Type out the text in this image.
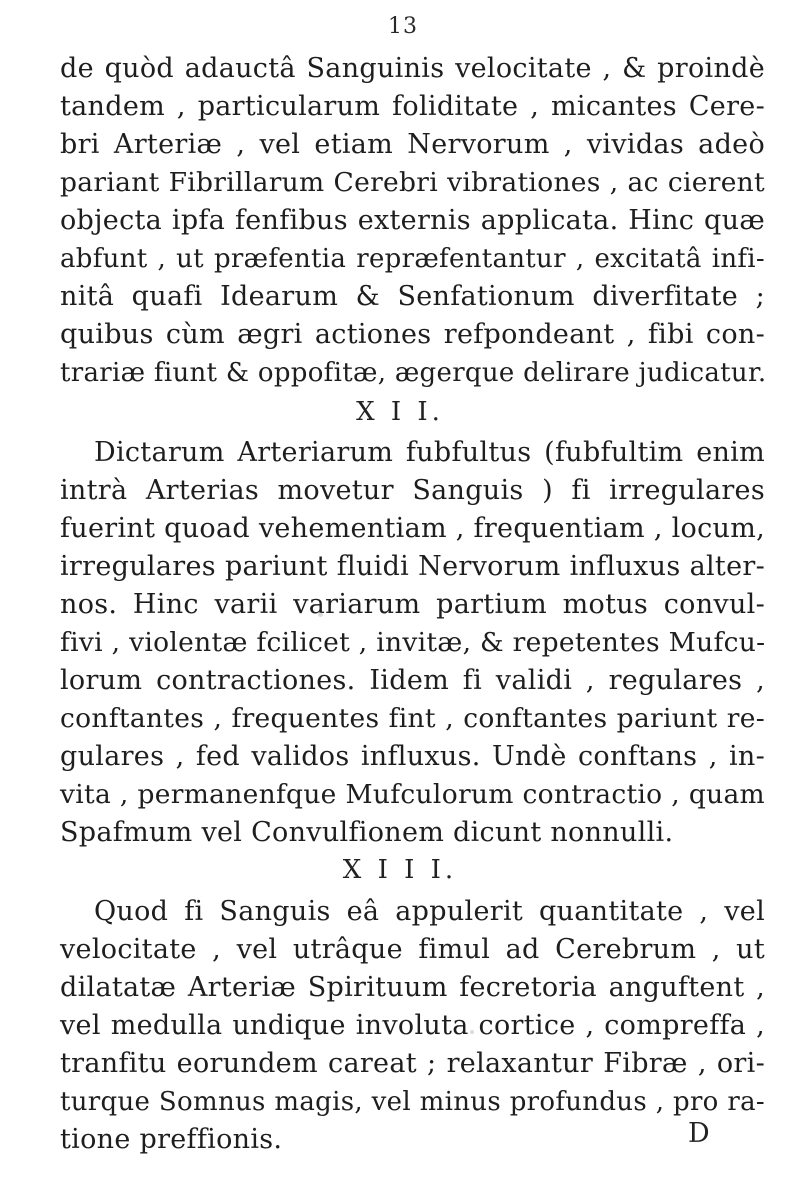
13
de quòd adauctâ Sanguinis velocitate , & proindè
tandem , particularum foliditate , micantes Cere-
bri Arteriæ , vel etiam Nervorum , vividas adeò
pariant Fibrillarum Cerebri vibrationes , ac cierent
objecta ipfa fenfibus externis applicata. Hinc quæ
abfunt , ut præfentia repræfentantur , excitatâ infi-
nitâ quafi Idearum & Senfationum diverfitate ;
quibus cùm ægri actiones refpondeant , fibi con-
trariæ fiunt & oppofitæ, ægerque delirare judicatur.
X I I.
Dictarum Arteriarum fubfultus (fubfultim enim
intrà Arterias movetur Sanguis ) fi irregulares
fuerint quoad vehementiam , frequentiam , locum,
irregulares pariunt fluidi Nervorum influxus alter-
nos. Hinc varii variarum partium motus convul-
fivi , violentæ fcilicet , invitæ, & repetentes Mufcu-
lorum contractiones. Iidem fi validi , regulares ,
conftantes , frequentes fint , conftantes pariunt re-
gulares , fed validos influxus. Undè conftans , in-
vita , permanenfque Mufculorum contractio , quam
Spafmum vel Convulfionem dicunt nonnulli.
X I I I.
Quod fi Sanguis eâ appulerit quantitate , vel
velocitate , vel utrâque fimul ad Cerebrum , ut
dilatatæ Arteriæ Spirituum fecretoria anguftent ,
vel medulla undique involuta cortice , compreffa ,
tranfitu eorundem careat ; relaxantur Fibræ , ori-
turque Somnus magis, vel minus profundus , pro ra-
tione preffionis.	D
